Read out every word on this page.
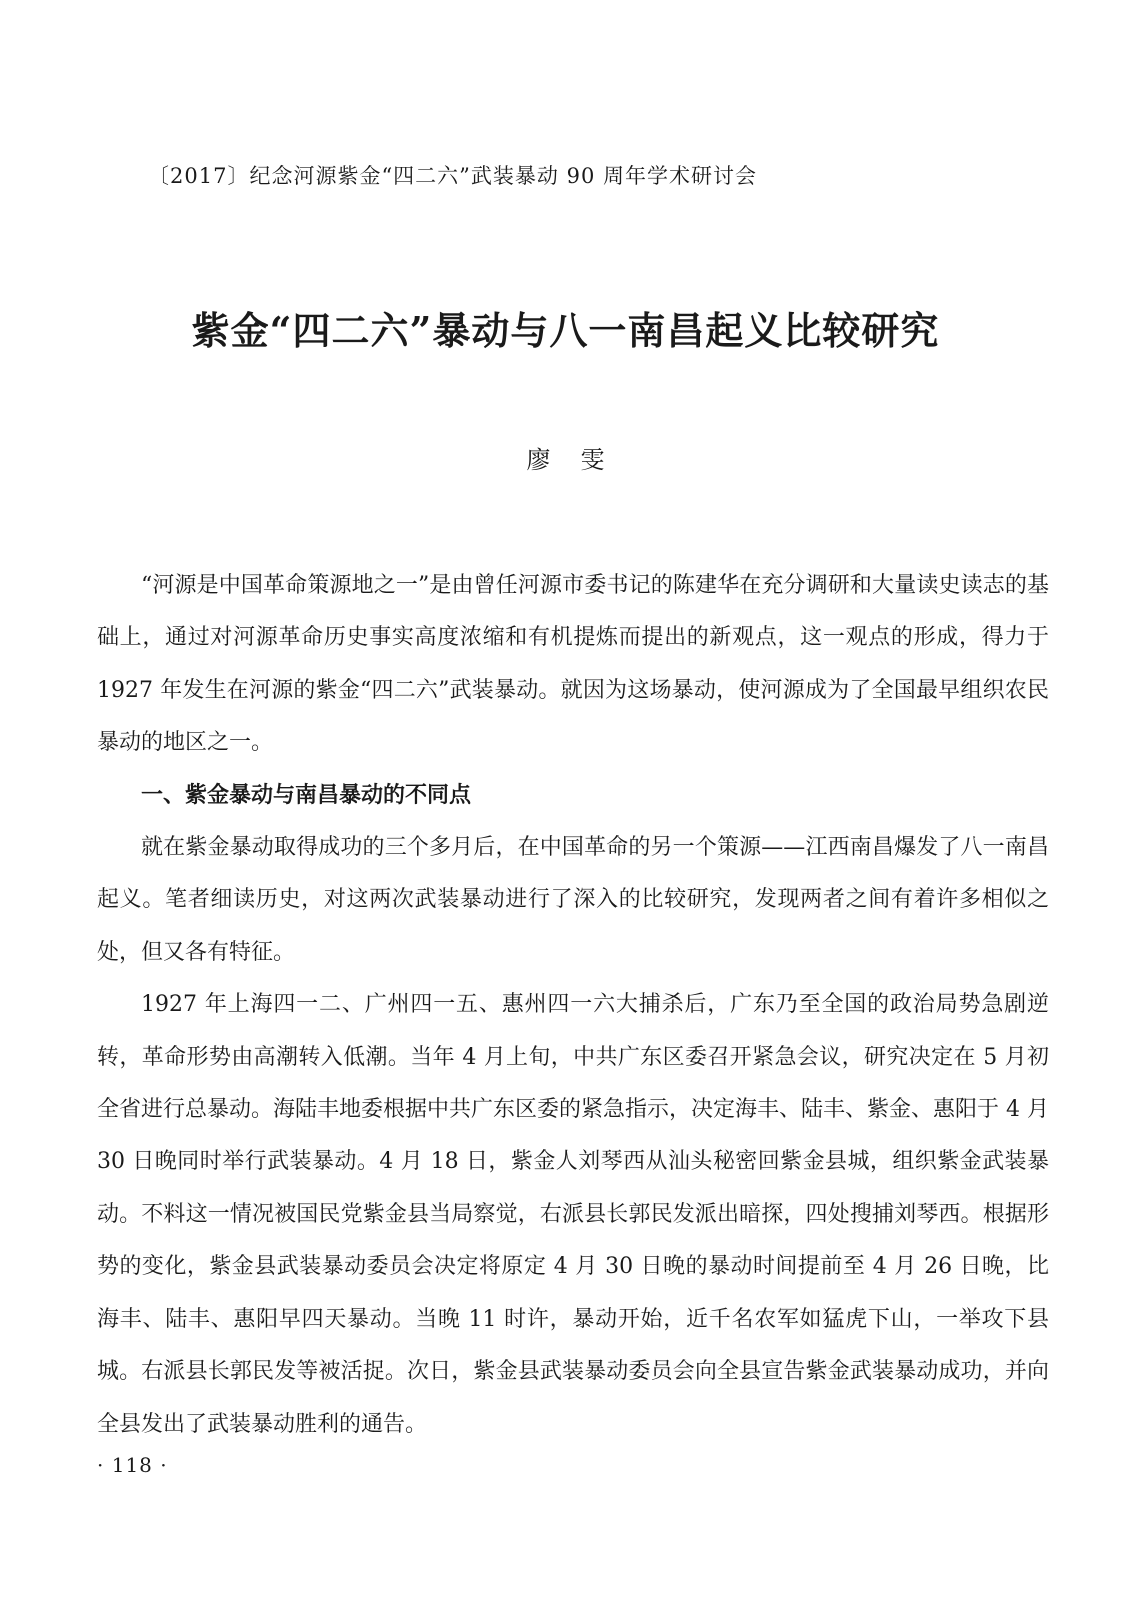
〔2017〕纪念河源紫金“四二六”武装暴动 90 周年学术研讨会
紫金“四二六”暴动与八一南昌起义比较研究
廖雯

“河源是中国革命策源地之一”是由曾任河源市委书记的陈建华在充分调研和大量读史读志的基础上，通过对河源革命历史事实高度浓缩和有机提炼而提出的新观点，这一观点的形成，得力于 1927 年发生在河源的紫金“四二六”武装暴动。就因为这场暴动，使河源成为了全国最早组织农民暴动的地区之一。

一、紫金暴动与南昌暴动的不同点

就在紫金暴动取得成功的三个多月后，在中国革命的另一个策源——江西南昌爆发了八一南昌起义。笔者细读历史，对这两次武装暴动进行了深入的比较研究，发现两者之间有着许多相似之处，但又各有特征。

1927 年上海四一二、广州四一五、惠州四一六大捕杀后，广东乃至全国的政治局势急剧逆转，革命形势由高潮转入低潮。当年 4 月上旬，中共广东区委召开紧急会议，研究决定在 5 月初全省进行总暴动。海陆丰地委根据中共广东区委的紧急指示，决定海丰、陆丰、紫金、惠阳于 4 月 30 日晚同时举行武装暴动。4 月 18 日，紫金人刘琴西从汕头秘密回紫金县城，组织紫金武装暴动。不料这一情况被国民党紫金县当局察觉，右派县长郭民发派出暗探，四处搜捕刘琴西。根据形势的变化，紫金县武装暴动委员会决定将原定 4 月 30 日晚的暴动时间提前至 4 月 26 日晚，比海丰、陆丰、惠阳早四天暴动。当晚 11 时许，暴动开始，近千名农军如猛虎下山，一举攻下县城。右派县长郭民发等被活捉。次日，紫金县武装暴动委员会向全县宣告紫金武装暴动成功，并向全县发出了武装暴动胜利的通告。

· 118 ·
